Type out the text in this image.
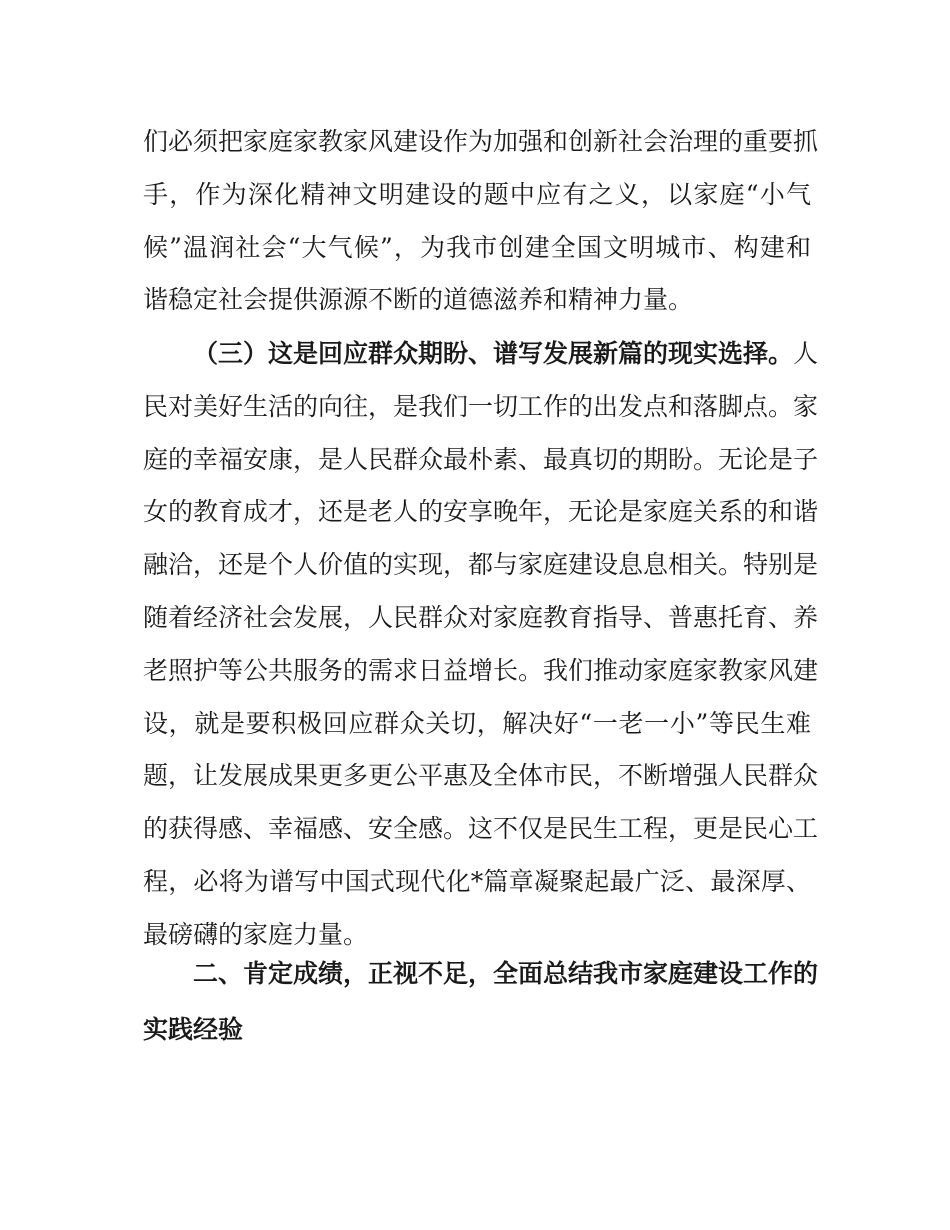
们必须把家庭家教家风建设作为加强和创新社会治理的重要抓
手，作为深化精神文明建设的题中应有之义，以家庭“小气
候”温润社会“大气候”，为我市创建全国文明城市、构建和
谐稳定社会提供源源不断的道德滋养和精神力量。
（三）这是回应群众期盼、谱写发展新篇的现实选择。人
民对美好生活的向往，是我们一切工作的出发点和落脚点。家
庭的幸福安康，是人民群众最朴素、最真切的期盼。无论是子
女的教育成才，还是老人的安享晚年，无论是家庭关系的和谐
融洽，还是个人价值的实现，都与家庭建设息息相关。特别是
随着经济社会发展，人民群众对家庭教育指导、普惠托育、养
老照护等公共服务的需求日益增长。我们推动家庭家教家风建
设，就是要积极回应群众关切，解决好“一老一小”等民生难
题，让发展成果更多更公平惠及全体市民，不断增强人民群众
的获得感、幸福感、安全感。这不仅是民生工程，更是民心工
程，必将为谱写中国式现代化*篇章凝聚起最广泛、最深厚、
最磅礴的家庭力量。
二、肯定成绩，正视不足，全面总结我市家庭建设工作的
实践经验
